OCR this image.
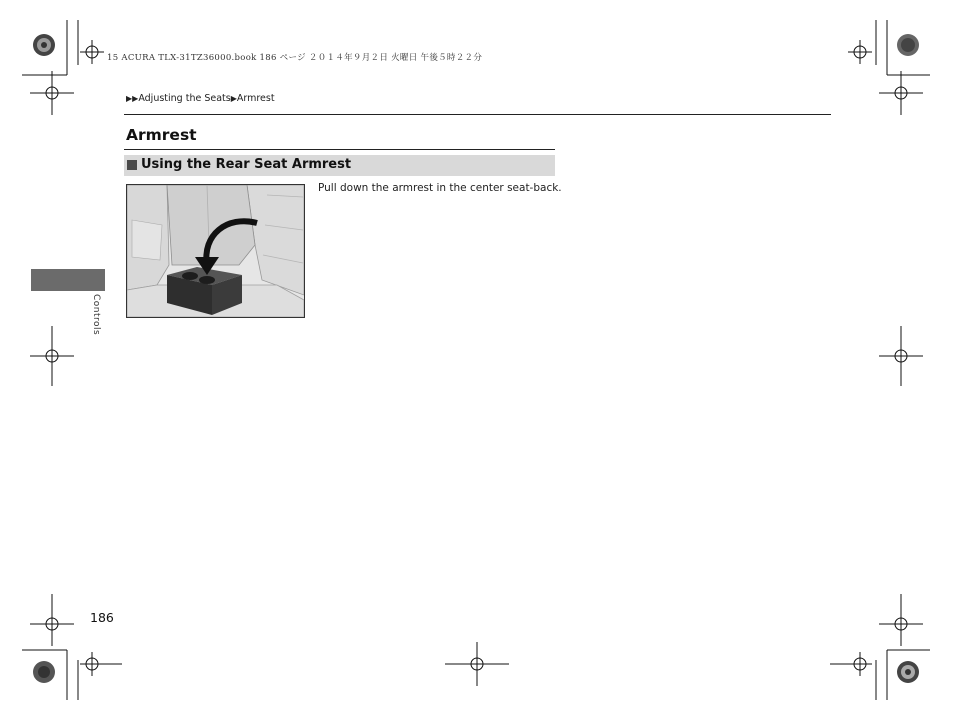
15 ACURA TLX-31TZ36000.book 186 ページ ２０１４年９月２日 火曜日 午後５時２２分
▶▶Adjusting the Seats▶Armrest
Armrest
Using the Rear Seat Armrest
Pull down the armrest in the center seat-back.
Controls
186
